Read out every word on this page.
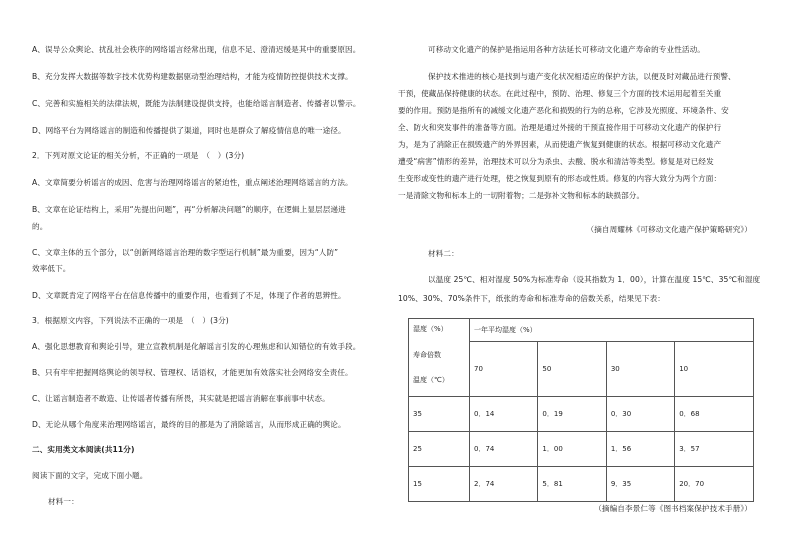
A、误导公众舆论、扰乱社会秩序的网络谣言经常出现，信息不足、澄清迟缓是其中的重要原因。
B、充分发挥大数据等数字技术优势构建数据驱动型治理结构，才能为疫情防控提供技术支撑。
C、完善和实施相关的法律法规，既能为法制建设提供支持，也能给谣言制造者、传播者以警示。
D、网络平台为网络谣言的制造和传播提供了渠道，同时也是群众了解疫情信息的唯一途径。
2．下列对原文论证的相关分析，不正确的一项是　（　）(3分)
A、文章简要分析谣言的成因、危害与治理网络谣言的紧迫性，重点阐述治理网络谣言的方法。
B、文章在论证结构上，采用“先提出问题”，再“分析解决问题”的顺序，在逻辑上显层层递进
的。
C、文章主体的五个部分，以“创新网络谣言治理的数字型运行机制”最为重要，因为“人防”
效率低下。
D、文章既肯定了网络平台在信息传播中的重要作用，也看到了不足，体现了作者的思辨性。
3．根据原文内容，下列说法不正确的一项是　（　）(3分)
A、强化思想教育和舆论引导，建立宣教机制是化解谣言引发的心理焦虑和认知错位的有效手段。
B、只有牢牢把握网络舆论的领导权、管理权、话语权，才能更加有效落实社会网络安全责任。
C、让谣言制造者不敢造、让传谣者传播有所畏，其实就是把谣言消解在事前事中状态。
D、无论从哪个角度来治理网络谣言，最终的目的都是为了消除谣言，从而形成正确的舆论。
二、实用类文本阅读(共11分)
阅读下面的文字，完成下面小题。
材料一：
可移动文化遗产的保护是指运用各种方法延长可移动文化遗产寿命的专业性活动。
保护技术推进的核心是找到与遗产变化状况相适应的保护方法，以便及时对藏品进行预警、
干预，使藏品保持健康的状态。在此过程中，预防、治理、修复三个方面的技术运用起着至关重
要的作用。预防是指所有的减缓文化遗产恶化和损毁的行为的总称，它涉及光照度、环境条件、安
全、防火和突发事件的准备等方面。治理是通过外接的干预直接作用于可移动文化遗产的保护行
为，是为了消除正在损毁遗产的外界因素，从而使遗产恢复到健康的状态。根据可移动文化遗产
遭受“病害”情形的差异，治理技术可以分为杀虫、去酸、脱水和清洁等类型。修复是对已经发
生变形或变性的遗产进行处理，使之恢复到原有的形态或性质。修复的内容大致分为两个方面：
一是清除文物和标本上的一切附着物；二是弥补文物和标本的缺损部分。
（摘自周耀林《可移动文化遗产保护策略研究》）
材料二：
以温度 25℃、相对湿度 50%为标准寿命（设其指数为 1．00），计算在温度 15℃、35℃和湿度
10%、30%、70%条件下，纸张的寿命和标准寿命的倍数关系，结果见下表：
湿度（%）
寿命倍数
温度（℃）	一年平均湿度（%）			
	70	50	30	10
35	0．14	0．19	0．30	0．68
25	0．74	1．00	1．56	3．57
15	2．74	5．81	9．35	20．70
（摘编自李景仁等《图书档案保护技术手册》）
